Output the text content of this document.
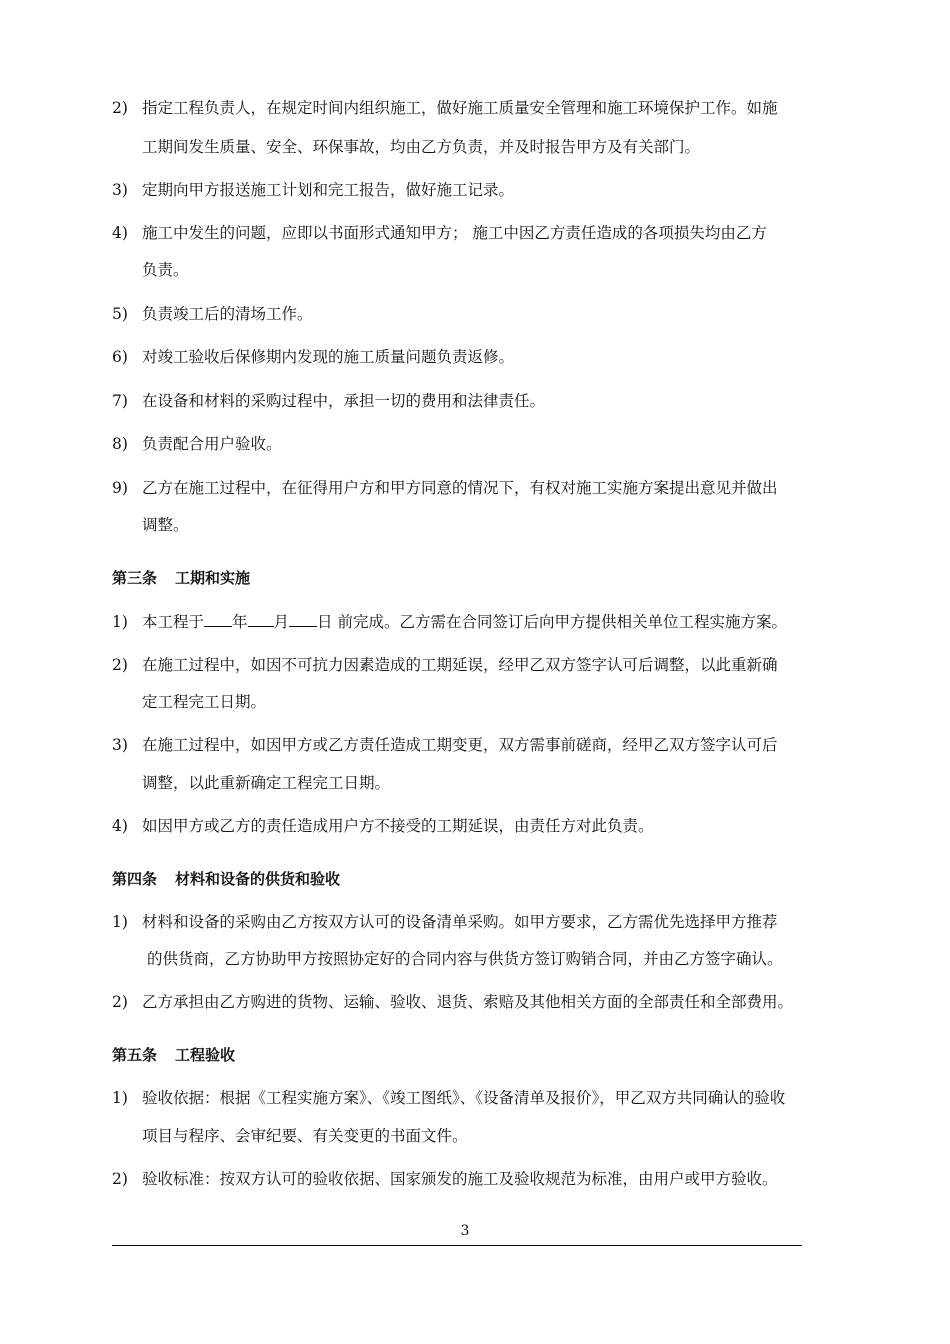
2) 指定工程负责人，在规定时间内组织施工，做好施工质量安全管理和施工环境保护工作。如施
工期间发生质量、安全、环保事故，均由乙方负责，并及时报告甲方及有关部门。
3) 定期向甲方报送施工计划和完工报告，做好施工记录。
4) 施工中发生的问题，应即以书面形式通知甲方； 施工中因乙方责任造成的各项损失均由乙方
负责。
5) 负责竣工后的清场工作。
6) 对竣工验收后保修期内发现的施工质量问题负责返修。
7) 在设备和材料的采购过程中，承担一切的费用和法律责任。
8) 负责配合用户验收。
9) 乙方在施工过程中，在征得用户方和甲方同意的情况下，有权对施工实施方案提出意见并做出
调整。
第三条 工期和实施
1) 本工程于 年 月 日 前完成。乙方需在合同签订后向甲方提供相关单位工程实施方案。
2) 在施工过程中，如因不可抗力因素造成的工期延误，经甲乙双方签字认可后调整，以此重新确
定工程完工日期。
3) 在施工过程中，如因甲方或乙方责任造成工期变更，双方需事前磋商，经甲乙双方签字认可后
调整，以此重新确定工程完工日期。
4) 如因甲方或乙方的责任造成用户方不接受的工期延误，由责任方对此负责。
第四条 材料和设备的供货和验收
1) 材料和设备的采购由乙方按双方认可的设备清单采购。如甲方要求，乙方需优先选择甲方推荐
的供货商，乙方协助甲方按照协定好的合同内容与供货方签订购销合同，并由乙方签字确认。
2) 乙方承担由乙方购进的货物、运输、验收、退货、索赔及其他相关方面的全部责任和全部费用。
第五条 工程验收
1) 验收依据：根据《工程实施方案》、《竣工图纸》、《设备清单及报价》，甲乙双方共同确认的验收
项目与程序、会审纪要、有关变更的书面文件。
2) 验收标准：按双方认可的验收依据、国家颁发的施工及验收规范为标准，由用户或甲方验收。
3
